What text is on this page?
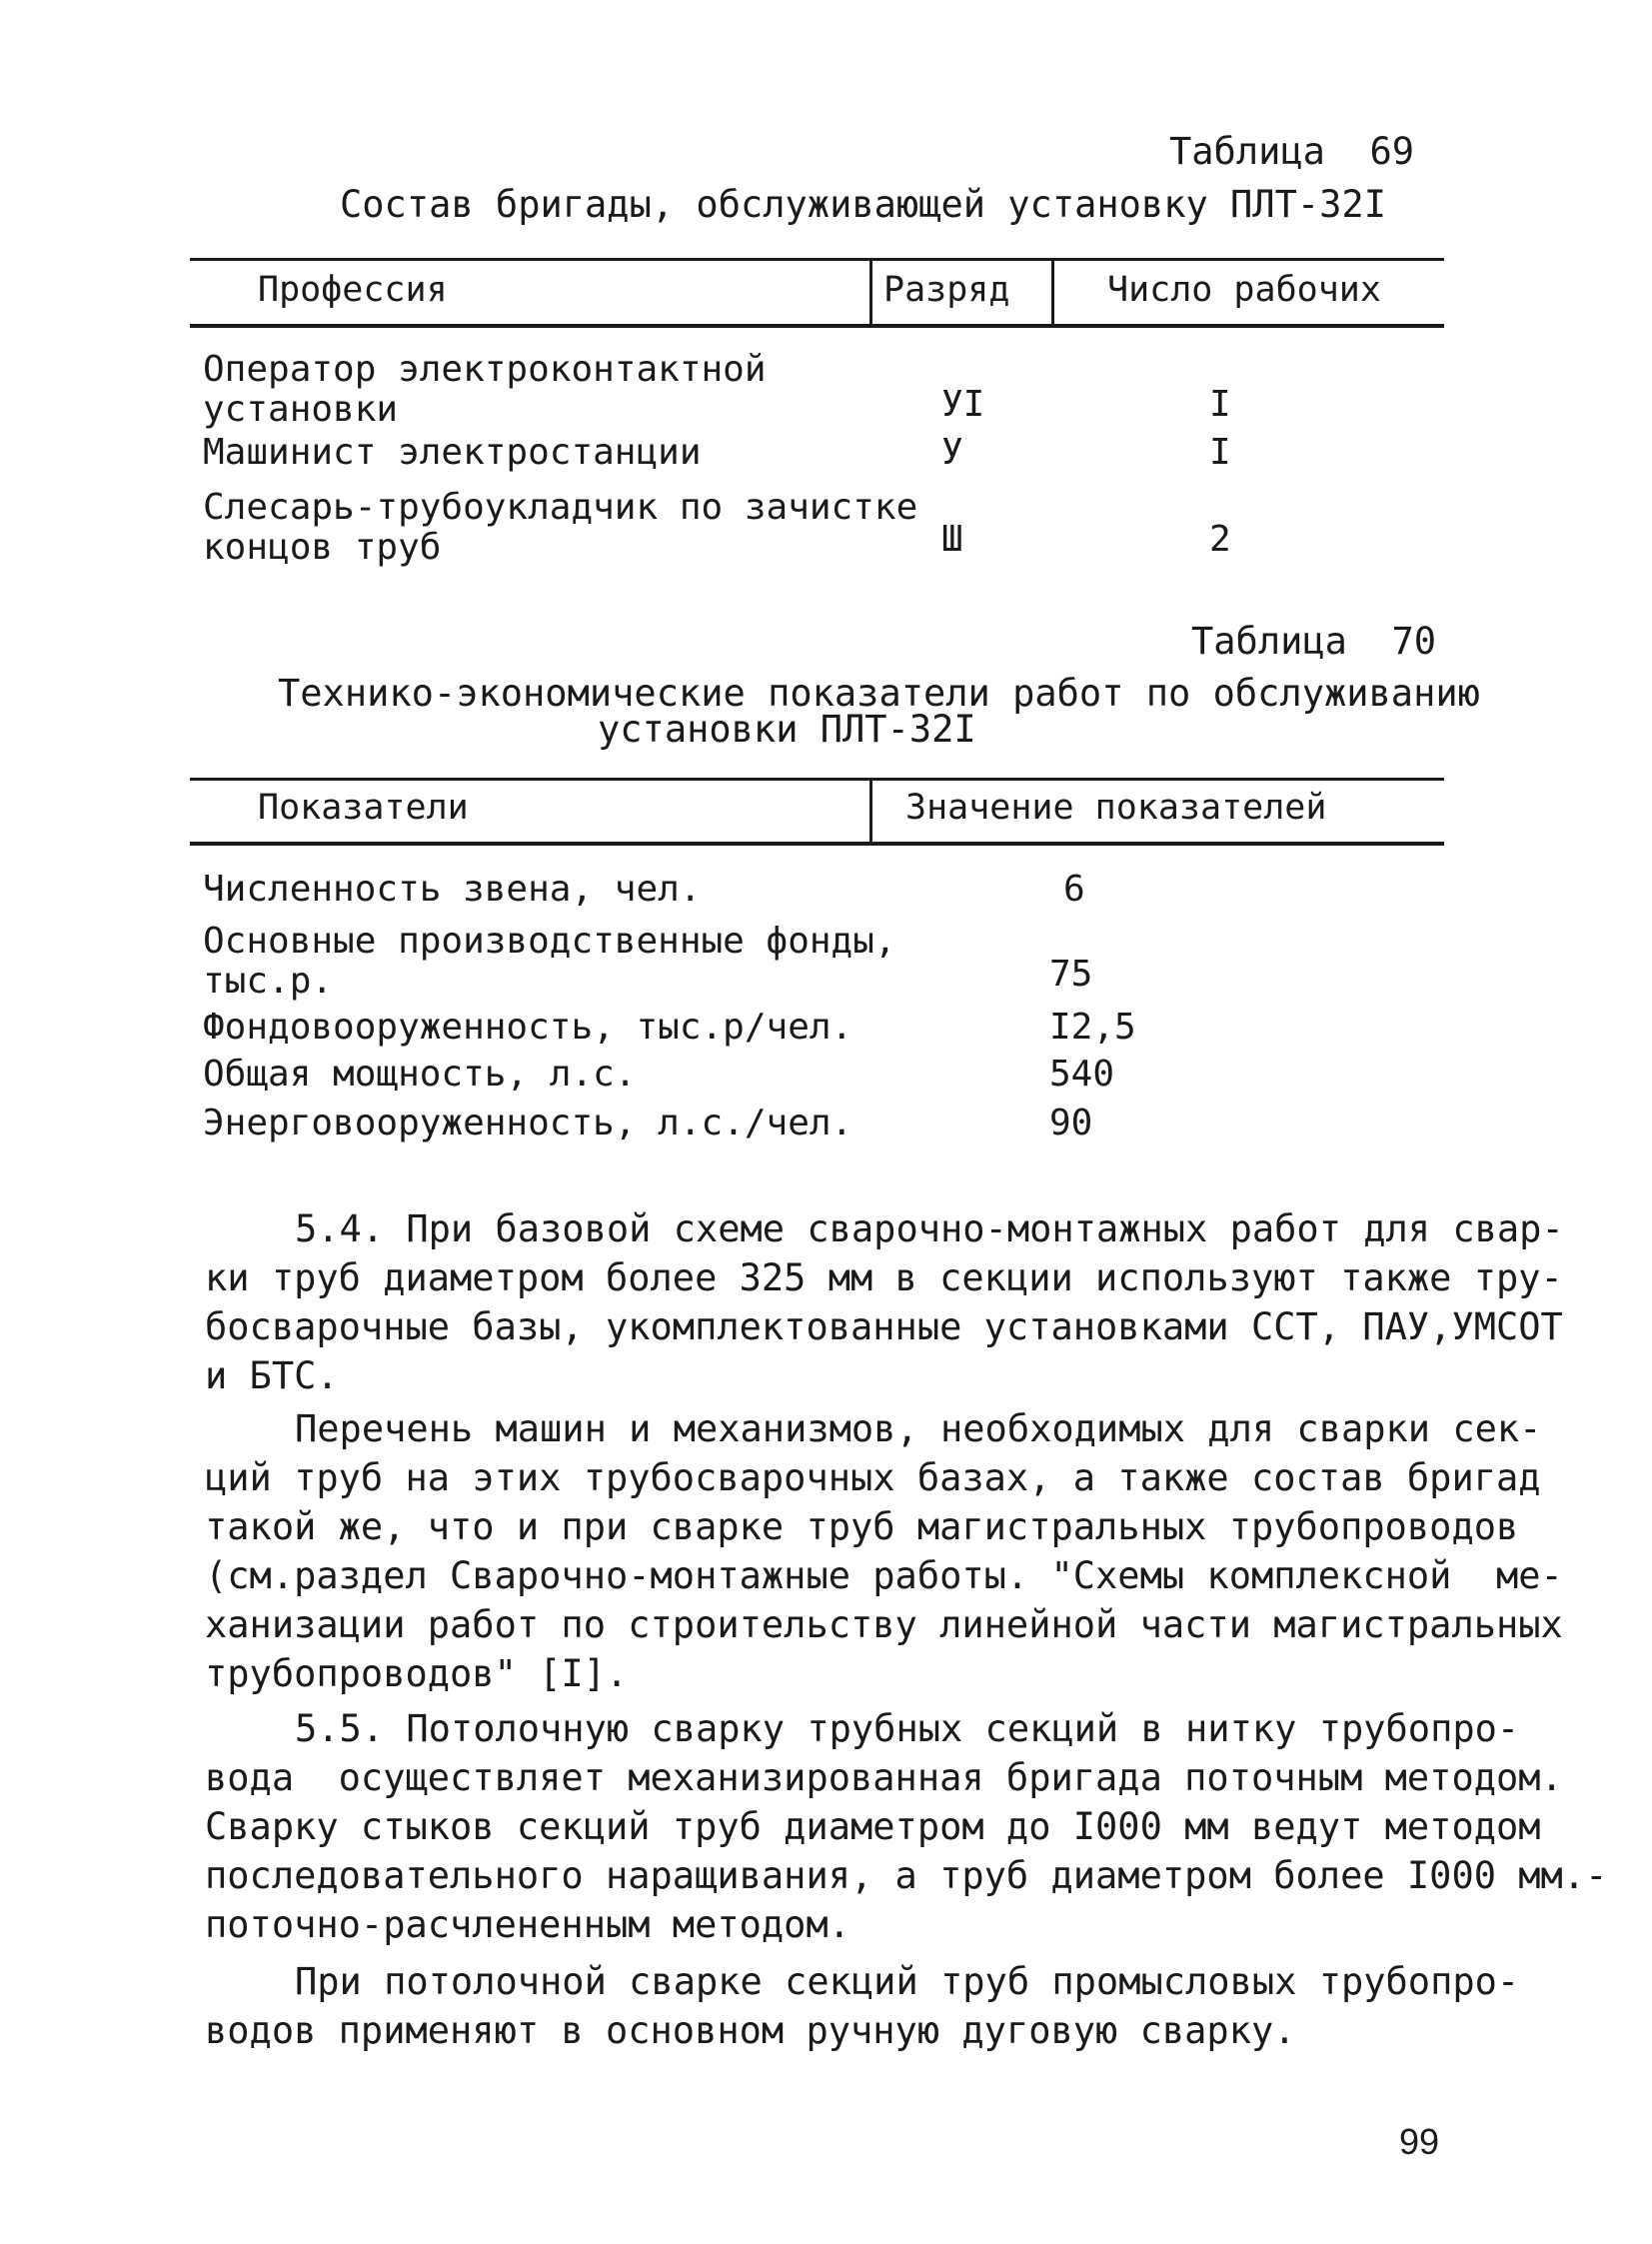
Таблица  69
Состав бригады, обслуживающей установку ПЛТ-32I
Профессия	Разряд	Число рабочих
Оператор электроконтактной
установки	УI	I
Машинист электростанции	У	I
Слесарь-трубоукладчик по зачистке
концов труб	Ш	2
Таблица  70
Технико-экономические показатели работ по обслуживанию
установки ПЛТ-32I
Показатели	Значение показателей
Численность звена, чел.	6
Основные производственные фонды,
тыс.р.	75
Фондовооруженность, тыс.р/чел.	I2,5
Общая мощность, л.с.	540
Энерговооруженность, л.с./чел.	90
5.4. При базовой схеме сварочно-монтажных работ для свар-
ки труб диаметром более 325 мм в секции используют также тру-
босварочные базы, укомплектованные установками ССТ, ПАУ,УМСОТ
и БТС.
Перечень машин и механизмов, необходимых для сварки сек-
ций труб на этих трубосварочных базах, а также состав бригад
такой же, что и при сварке труб магистральных трубопроводов
(см.раздел Сварочно-монтажные работы. "Схемы комплексной  ме-
ханизации работ по строительству линейной части магистральных
трубопроводов" [I].
5.5. Потолочную сварку трубных секций в нитку трубопро-
вода  осуществляет механизированная бригада поточным методом.
Сварку стыков секций труб диаметром до I000 мм ведут методом
последовательного наращивания, а труб диаметром более I000 мм.-
поточно-расчлененным методом.
При потолочной сварке секций труб промысловых трубопро-
водов применяют в основном ручную дуговую сварку.
99
